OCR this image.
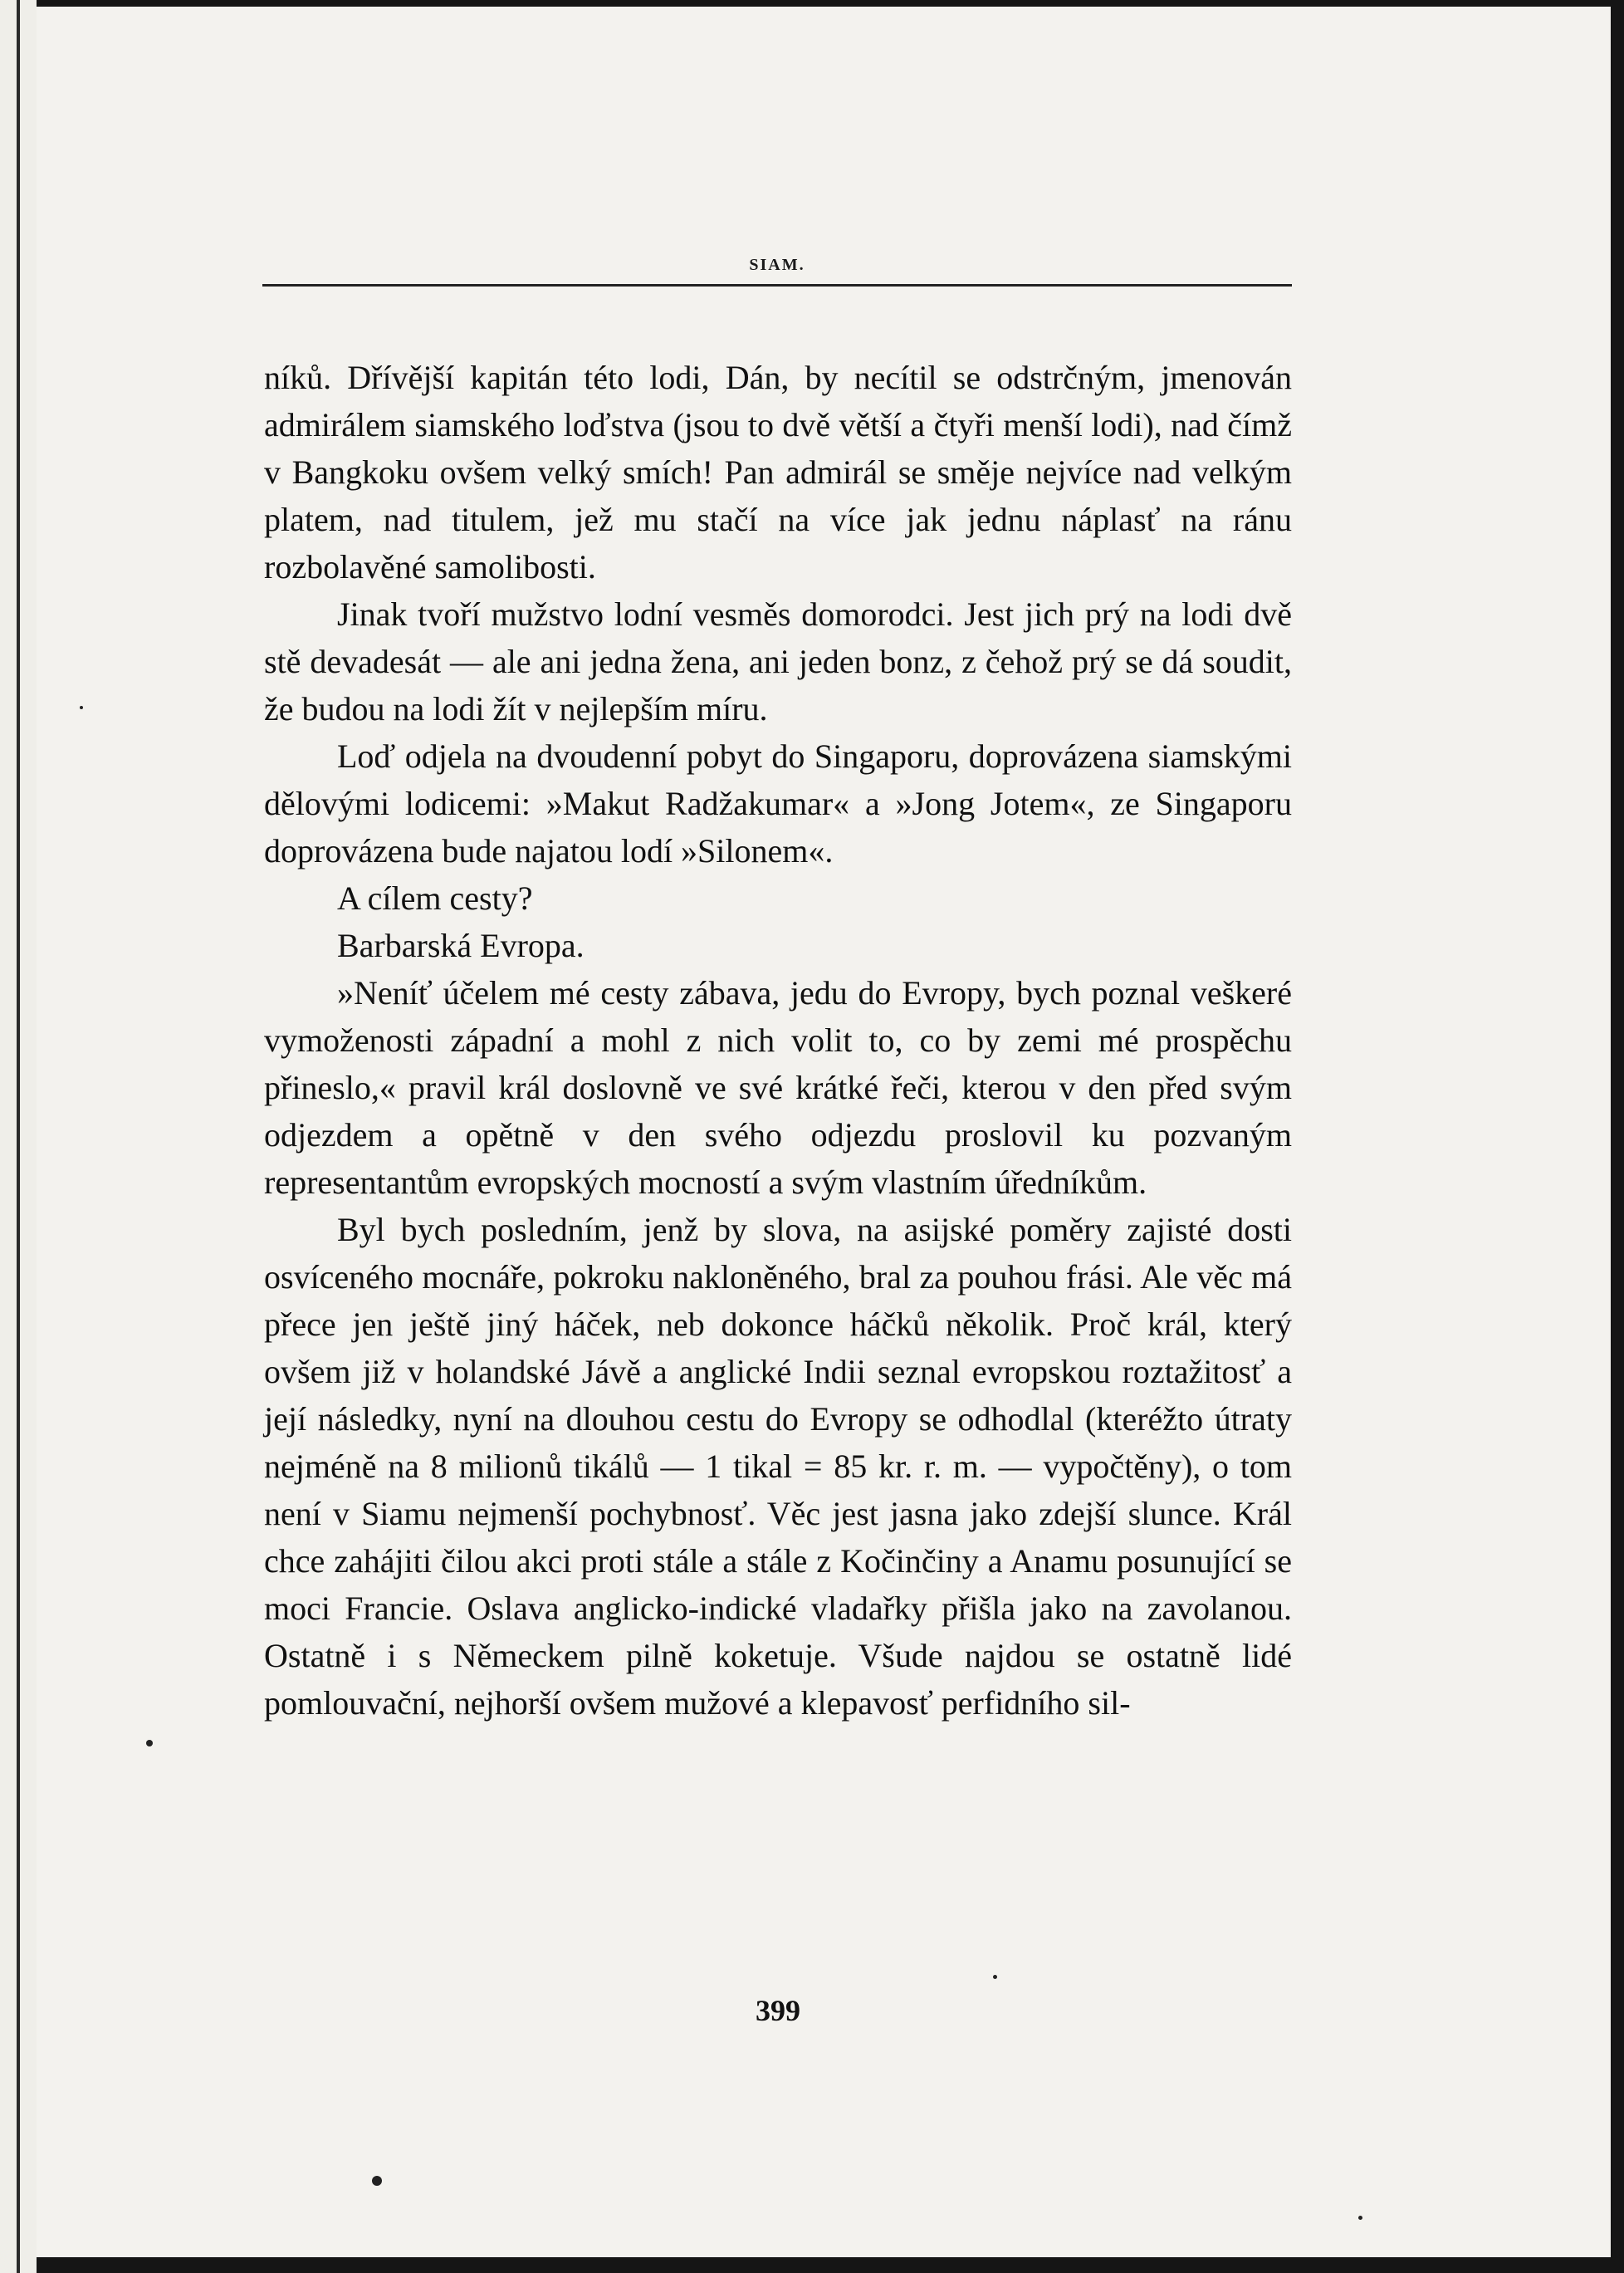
SIAM.

níků. Dřívější kapitán této lodi, Dán, by necítil se odstrčným, jmenován admirálem siamského loďstva (jsou to dvě větší a čtyři menší lodi), nad čímž v Bangkoku ovšem velký smích! Pan admirál se směje nejvíce nad velkým platem, nad titulem, jež mu stačí na více jak jednu náplasť na ránu rozbolavěné samolibosti.

Jinak tvoří mužstvo lodní vesměs domorodci. Jest jich prý na lodi dvě stě devadesát — ale ani jedna žena, ani jeden bonz, z čehož prý se dá soudit, že budou na lodi žít v nejlepším míru.

Loď odjela na dvoudenní pobyt do Singaporu, doprovázena siamskými dělovými lodicemi: »Makut Radžakumar« a »Jong Jotem«, ze Singaporu doprovázena bude najatou lodí »Silonem«.

A cílem cesty?

Barbarská Evropa.

»Neníť účelem mé cesty zábava, jedu do Evropy, bych poznal veškeré vymoženosti západní a mohl z nich volit to, co by zemi mé prospěchu přineslo,« pravil král doslovně ve své krátké řeči, kterou v den před svým odjezdem a opětně v den svého odjezdu proslovil ku pozvaným representantům evropských mocností a svým vlastním úředníkům.

Byl bych posledním, jenž by slova, na asijské poměry zajisté dosti osvíceného mocnáře, pokroku nakloněného, bral za pouhou frási. Ale věc má přece jen ještě jiný háček, neb dokonce háčků několik. Proč král, který ovšem již v holandské Jávě a anglické Indii seznal evropskou roztažitosť a její následky, nyní na dlouhou cestu do Evropy se odhodlal (kteréžto útraty nejméně na 8 milionů tikálů — 1 tikal = 85 kr. r. m. — vypočtěny), o tom není v Siamu nejmenší pochybnosť. Věc jest jasna jako zdejší slunce. Král chce zahájiti čilou akci proti stále a stále z Kočinčiny a Anamu posunující se moci Francie. Oslava anglicko-indické vladařky přišla jako na zavolanou. Ostatně i s Německem pilně koketuje. Všude najdou se ostatně lidé pomlouvační, nejhorší ovšem mužové a klepavosť perfidního sil-

399
